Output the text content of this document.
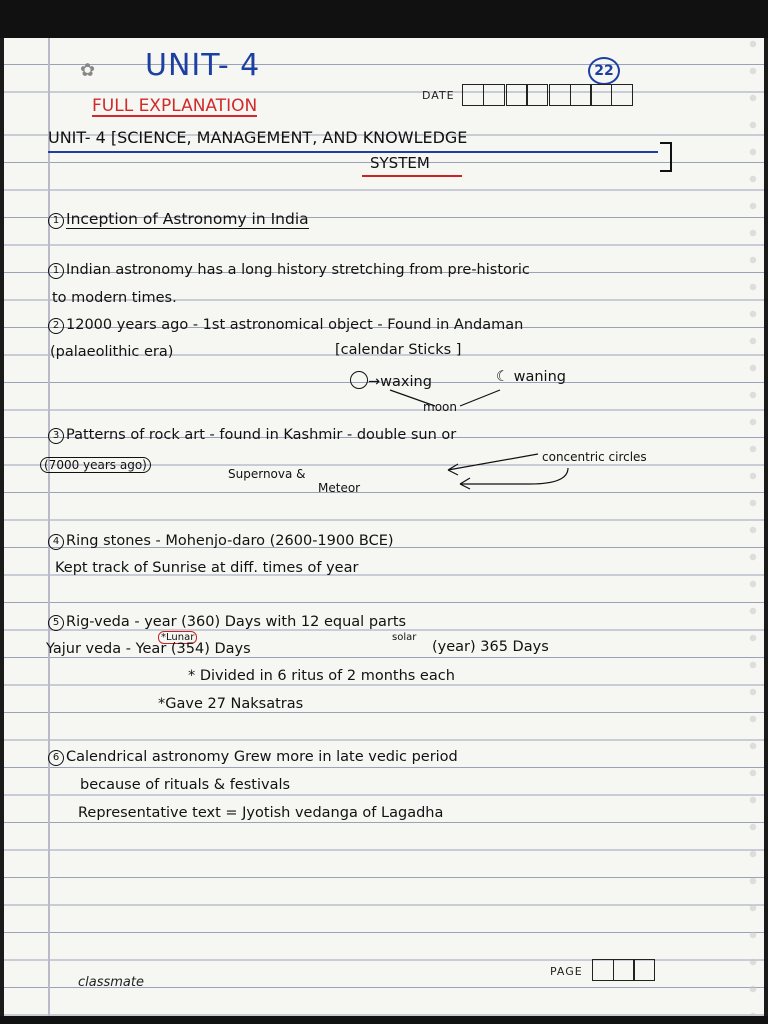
✿ UNIT- 4	22
FULL EXPLANATION
DATE
UNIT- 4 [SCIENCE, MANAGEMENT, AND KNOWLEDGE
SYSTEM
1 Inception of Astronomy in India
1 Indian astronomy has a long history stretching from pre-historic
to modern times.
2 12000 years ago - 1st astronomical object - Found in Andaman
(palaeolithic era)	[calendar Sticks ]
→waxing	☾ waning
moon
3 Patterns of rock art - found in Kashmir - double sun or
(7000 years ago)
Supernova &
Meteor
concentric circles
4 Ring stones - Mohenjo-daro (2600-1900 BCE)
Kept track of Sunrise at diff. times of year
5 Rig-veda - year (360) Days with 12 equal parts
*Lunar	solar
Yajur veda - Year (354) Days	(year) 365 Days
* Divided in 6 ritus of 2 months each
*Gave 27 Naksatras
6 Calendrical astronomy Grew more in late vedic period
because of rituals & festivals
Representative text = Jyotish vedanga of Lagadha
classmate
PAGE
